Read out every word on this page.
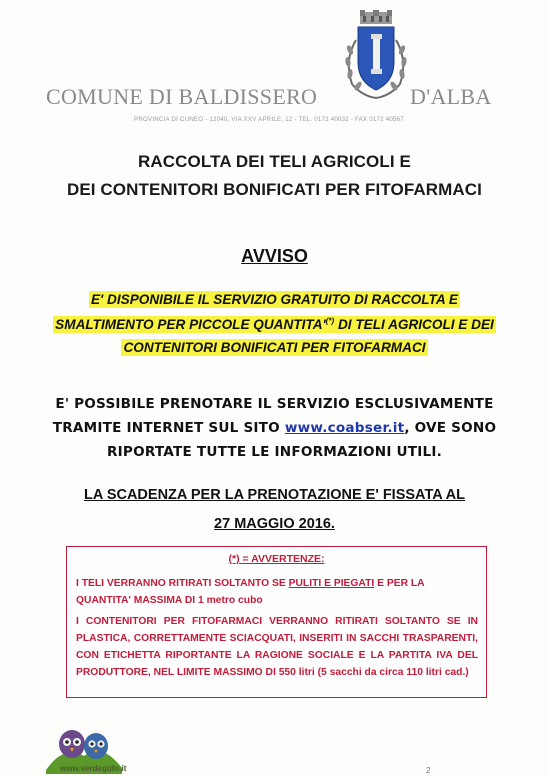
COMUNE DI BALDISSERO	D'ALBA
PROVINCIA DI CUNEO - 12040, VIA XXV APRILE, 12 - TEL. 0172 40032 - FAX 0172 40567
RACCOLTA DEI TELI AGRICOLI E
DEI CONTENITORI BONIFICATI PER FITOFARMACI
AVVISO
E' DISPONIBILE IL SERVIZIO GRATUITO DI RACCOLTA E
SMALTIMENTO PER PICCOLE QUANTITA'(*) DI TELI AGRICOLI E DEI
CONTENITORI BONIFICATI PER FITOFARMACI
E' POSSIBILE PRENOTARE IL SERVIZIO ESCLUSIVAMENTE
TRAMITE INTERNET SUL SITO www.coabser.it, OVE SONO
RIPORTATE TUTTE LE INFORMAZIONI UTILI.
LA SCADENZA PER LA PRENOTAZIONE E' FISSATA AL
27 MAGGIO 2016.
(*) = AVVERTENZE:
I TELI VERRANNO RITIRATI SOLTANTO SE PULITI E PIEGATI E PER LA QUANTITA' MASSIMA DI 1 metro cubo
I CONTENITORI PER FITOFARMACI VERRANNO RITIRATI SOLTANTO SE IN PLASTICA, CORRETTAMENTE SCIACQUATI, INSERITI IN SACCHI TRASPARENTI, CON ETICHETTA RIPORTANTE LA RAGIONE SOCIALE E LA PARTITA IVA DEL PRODUTTORE, NEL LIMITE MASSIMO DI 550 litri (5 sacchi da circa 110 litri cad.)
www.verdegufo.it	2
